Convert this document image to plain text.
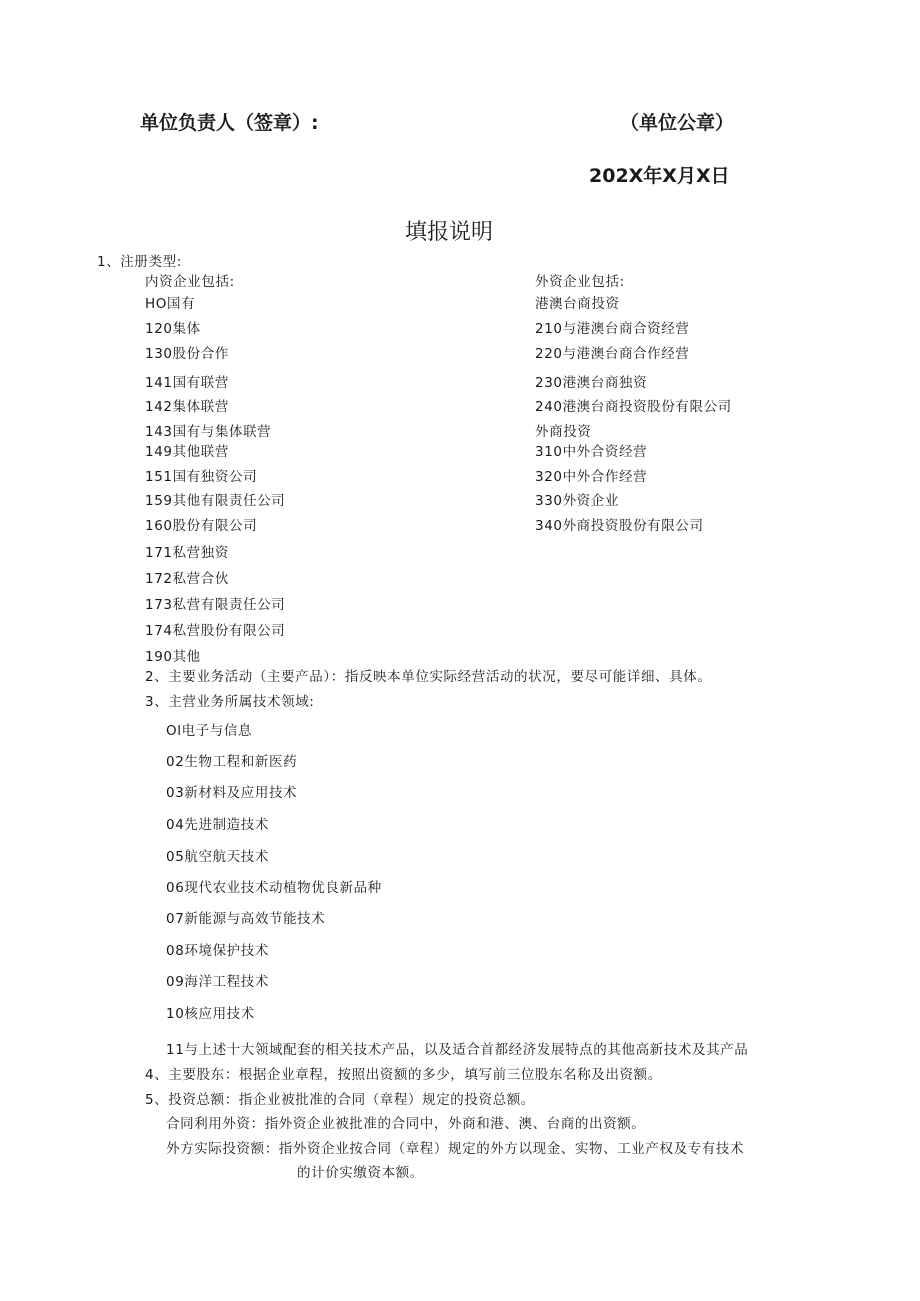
单位负责人（签章）:	（单位公章）
202X年X月X日
填报说明
1、注册类型:
内资企业包括:	外资企业包括:
HO国有
120集体
130股份合作
141国有联营
142集体联营
143国有与集体联营
149其他联营
151国有独资公司
159其他有限责任公司
160股份有限公司
171私营独资
172私营合伙
173私营有限责任公司
174私营股份有限公司
190其他
港澳台商投资
210与港澳台商合资经营
220与港澳台商合作经营
230港澳台商独资
240港澳台商投资股份有限公司
外商投资
310中外合资经营
320中外合作经营
330外资企业
340外商投资股份有限公司
2、主要业务活动（主要产品）：指反映本单位实际经营活动的状况，要尽可能详细、具体。
3、主营业务所属技术领域:
Ol电子与信息
02生物工程和新医药
03新材料及应用技术
04先进制造技术
05航空航天技术
06现代农业技术动植物优良新品种
07新能源与高效节能技术
08环境保护技术
09海洋工程技术
10核应用技术
11与上述十大领域配套的相关技术产品，以及适合首都经济发展特点的其他高新技术及其产品
4、主要股东：根据企业章程，按照出资额的多少，填写前三位股东名称及出资额。
5、投资总额：指企业被批准的合同（章程）规定的投资总额。
合同利用外资：指外资企业被批准的合同中，外商和港、澳、台商的出资额。
外方实际投资额：指外资企业按合同（章程）规定的外方以现金、实物、工业产权及专有技术
的计价实缴资本额。
